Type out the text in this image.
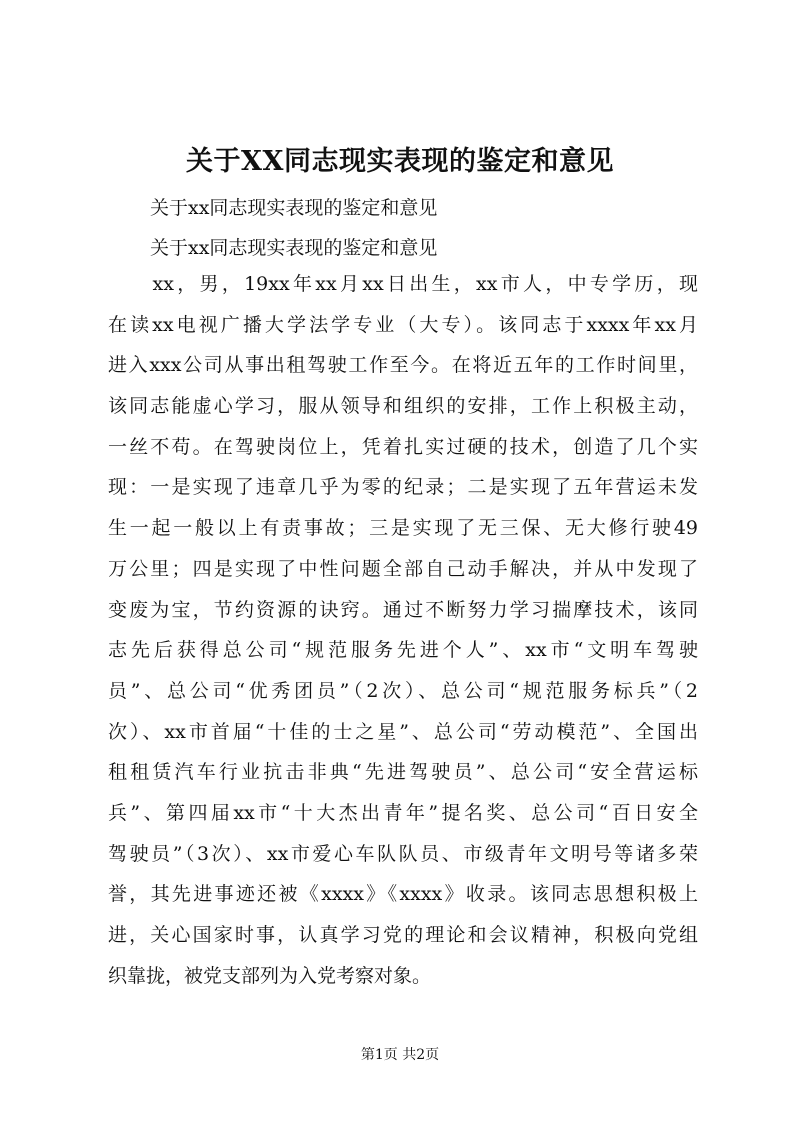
关于XX同志现实表现的鉴定和意见

关于xx同志现实表现的鉴定和意见

关于xx同志现实表现的鉴定和意见

　　xx，男，19xx年xx月xx日出生，xx市人，中专学历，现
在读xx电视广播大学法学专业（大专）。该同志于xxxx年xx月
进入xxx公司从事出租驾驶工作至今。在将近五年的工作时间里，
该同志能虚心学习，服从领导和组织的安排，工作上积极主动，
一丝不苟。在驾驶岗位上，凭着扎实过硬的技术，创造了几个实
现：一是实现了违章几乎为零的纪录；二是实现了五年营运未发
生一起一般以上有责事故；三是实现了无三保、无大修行驶49
万公里；四是实现了中性问题全部自己动手解决，并从中发现了
变废为宝，节约资源的诀窍。通过不断努力学习揣摩技术，该同
志先后获得总公司“规范服务先进个人”、xx市“文明车驾驶
员”、总公司“优秀团员”（2次）、总公司“规范服务标兵”（2
次）、xx市首届“十佳的士之星”、总公司“劳动模范”、全国出
租租赁汽车行业抗击非典“先进驾驶员”、总公司“安全营运标
兵”、第四届xx市“十大杰出青年”提名奖、总公司“百日安全
驾驶员”（3次）、xx市爱心车队队员、市级青年文明号等诸多荣
誉，其先进事迹还被《xxxx》《xxxx》收录。该同志思想积极上
进，关心国家时事，认真学习党的理论和会议精神，积极向党组
织靠拢，被党支部列为入党考察对象。
第1页 共2页
